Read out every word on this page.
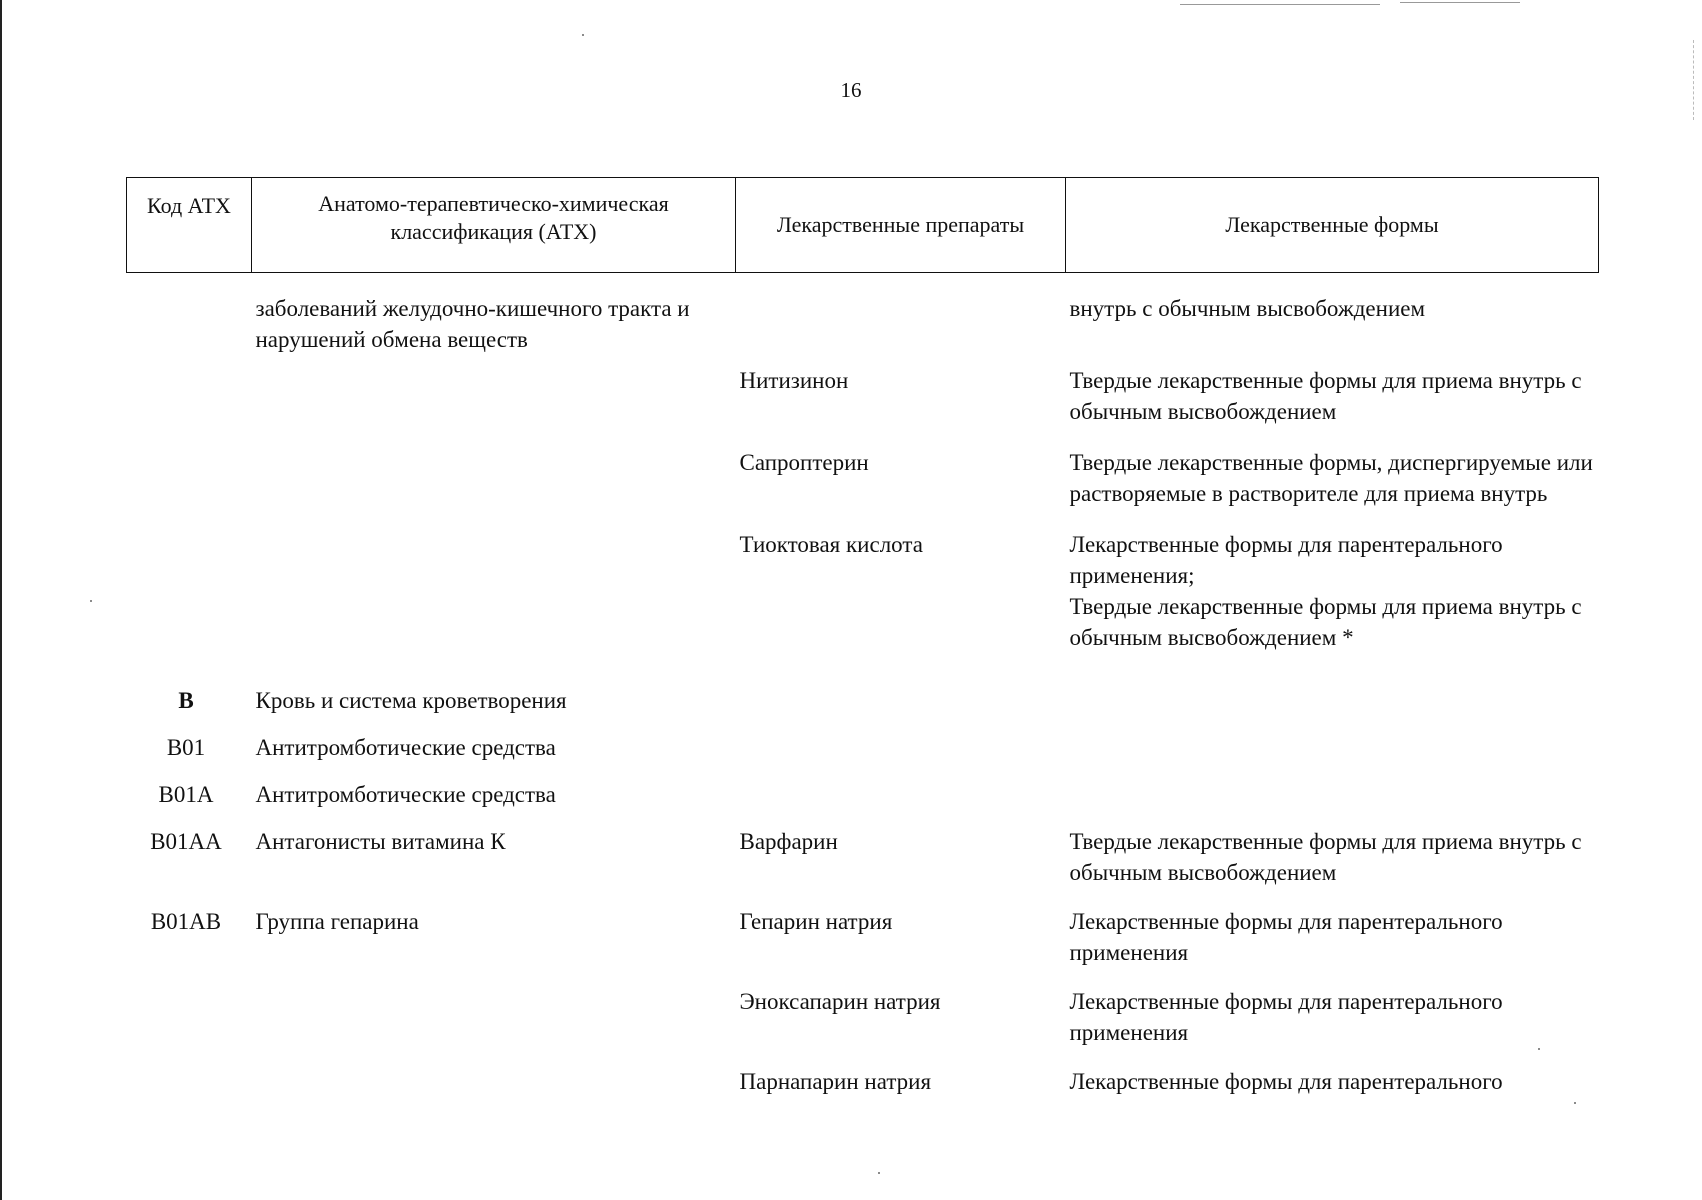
16
Код АТХ	Анатомо-терапевтическо-химическая классификация (АТХ)	Лекарственные препараты	Лекарственные формы
	заболеваний желудочно-кишечного тракта и нарушений обмена веществ		внутрь с обычным высвобождением

		Нитизинон	Твердые лекарственные формы для приема внутрь с обычным высвобождением

		Сапроптерин	Твердые лекарственные формы, диспергируемые или растворяемые в растворителе для приема внутрь

		Тиоктовая кислота	Лекарственные формы для парентерального применения;
Твердые лекарственные формы для приема внутрь с обычным высвобождением *

B	Кровь и система кроветворения		
B01	Антитромботические средства		
B01A	Антитромботические средства		
B01AA	Антагонисты витамина К	Варфарин	Твердые лекарственные формы для приема внутрь с обычным высвобождением

B01AB	Группа гепарина	Гепарин натрия	Лекарственные формы для парентерального применения

		Эноксапарин натрия	Лекарственные формы для парентерального применения

		Парнапарин натрия	Лекарственные формы для парентерального
